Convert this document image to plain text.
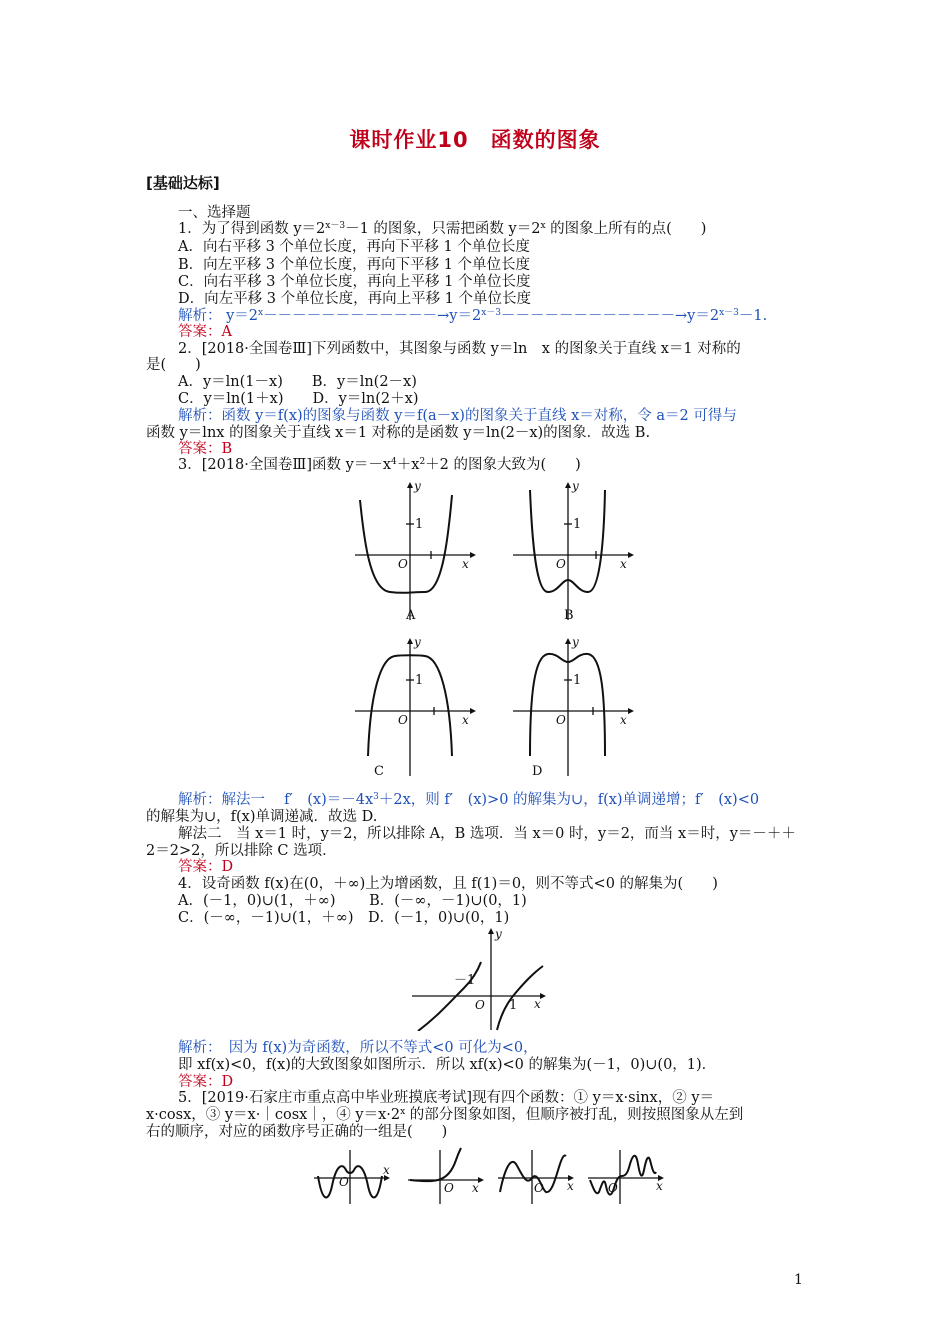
课时作业10　函数的图象
[基础达标]
一、选择题
1．为了得到函数 $y=2^{x-3}-1$ 的图象，只需把函数 $y=2^x$ 的图象上所有的点(　　)
A．向右平移 3 个单位长度，再向下平移 1 个单位长度
B．向左平移 3 个单位长度，再向下平移 1 个单位长度
C．向右平移 3 个单位长度，再向上平移 1 个单位长度
D．向左平移 3 个单位长度，再向上平移 1 个单位长度
解析： $y=2^x------------\to y=2^{x-3}------------\to y=2^{x-3}-1$.
答案：A
2．[2018·全国卷Ⅲ]下列函数中，其图象与函数 y＝ln　x 的图象关于直线 x＝1 对称的
是(　　)
A．y＝ln(1－x)　　B．y＝ln(2－x)
C．y＝ln(1＋x)　　D．y＝ln(2＋x)
解析：函数 y＝f(x)的图象与函数 y＝f(a－x)的图象关于直线 x＝对称，令 a＝2 可得与
函数 y＝lnx 的图象关于直线 x＝1 对称的是函数 y＝ln(2－x)的图象．故选 B.
答案：B
3．[2018·全国卷Ⅲ]函数 $y=-x^4+x^2+2$ 的图象大致为(　　)
解析：解法一　 f′　$(x)=-4x^3+2x$，则 f′　(x)>0 的解集为∪，f(x)单调递增；f′　(x)<0
的解集为∪，f(x)单调递减．故选 D.
解法二　当 x＝1 时，y＝2，所以排除 A，B 选项．当 x＝0 时，y＝2，而当 x＝时，y＝－＋＋
2＝2>2，所以排除 C 选项．
答案：D
4．设奇函数 f(x)在(0，＋∞)上为增函数，且 f(1)＝0，则不等式<0 的解集为(　　)
A．(－1，0)∪(1，＋∞)　　 B．(－∞，－1)∪(0，1)
C．(－∞，－1)∪(1，＋∞)　D．(－1，0)∪(0，1)
解析：　因为 f(x)为奇函数，所以不等式<0 可化为<0，
即 xf(x)<0，f(x)的大致图象如图所示．所以 xf(x)<0 的解集为(－1，0)∪(0，1)．
答案：D
5．[2019·石家庄市重点高中毕业班摸底考试]现有四个函数：① y＝x·sinx，② y＝
x·cosx，③ y＝x·｜cosx｜，④ $y=x\cdot 2^x$ 的部分图象如图，但顺序被打乱，则按照图象从左到
右的顺序，对应的函数序号正确的一组是(　　)
y
x
O
1
A
y
x
O
1
B
y
x
O
1
C
y
x
O
1
D
y
x
O 1
－1
x
O	x
O	x
O	x
O
1
